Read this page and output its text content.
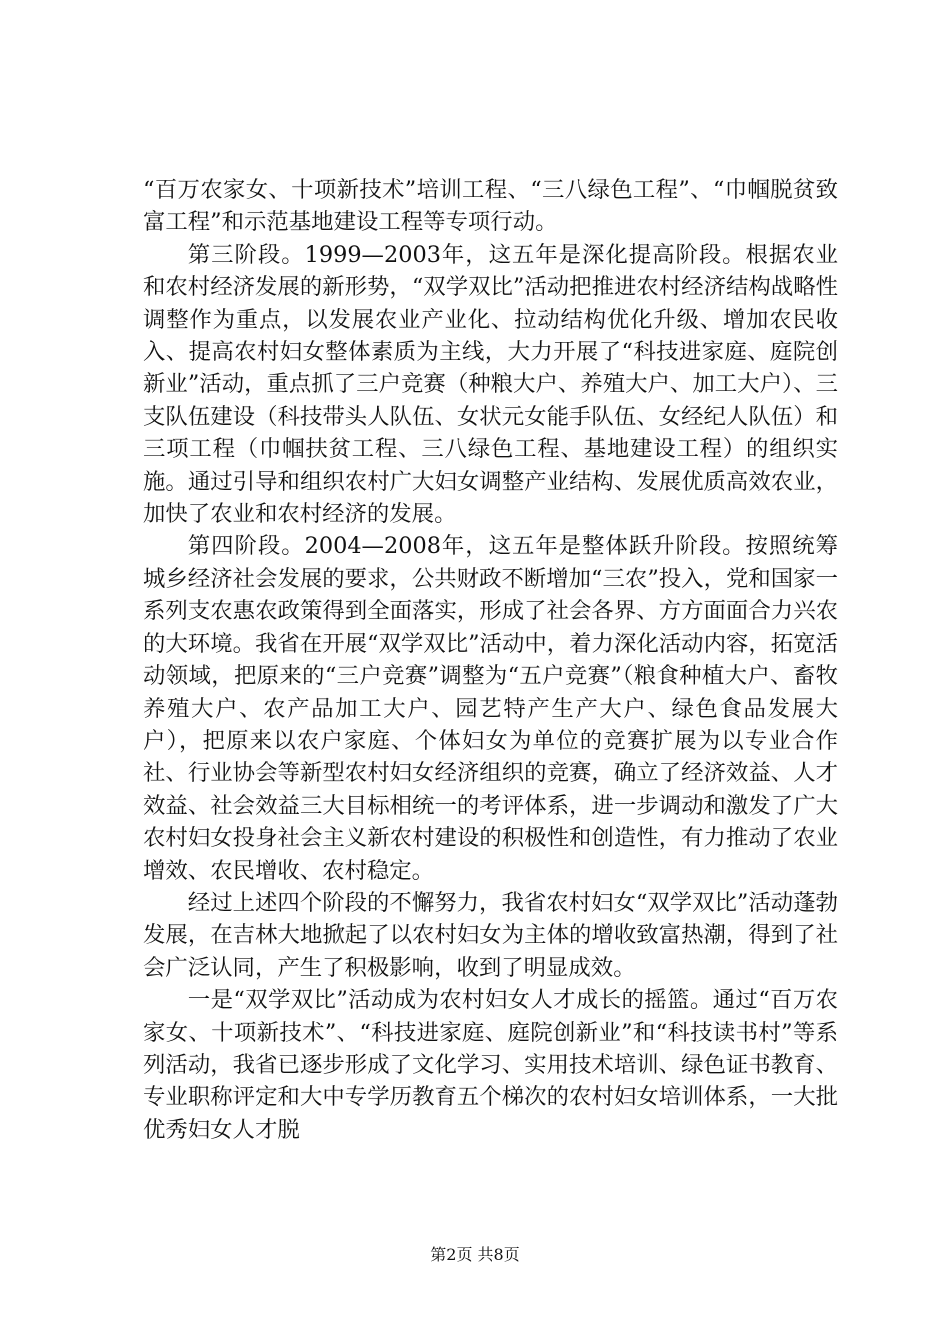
“百万农家女、十项新技术”培训工程、“三八绿色工程”、“巾帼脱贫致富工程”和示范基地建设工程等专项行动。

第三阶段。1999—2003年，这五年是深化提高阶段。根据农业和农村经济发展的新形势，“双学双比”活动把推进农村经济结构战略性调整作为重点，以发展农业产业化、拉动结构优化升级、增加农民收入、提高农村妇女整体素质为主线，大力开展了“科技进家庭、庭院创新业”活动，重点抓了三户竞赛（种粮大户、养殖大户、加工大户）、三支队伍建设（科技带头人队伍、女状元女能手队伍、女经纪人队伍）和三项工程（巾帼扶贫工程、三八绿色工程、基地建设工程）的组织实施。通过引导和组织农村广大妇女调整产业结构、发展优质高效农业，加快了农业和农村经济的发展。

第四阶段。2004—2008年，这五年是整体跃升阶段。按照统筹城乡经济社会发展的要求，公共财政不断增加“三农”投入，党和国家一系列支农惠农政策得到全面落实，形成了社会各界、方方面面合力兴农的大环境。我省在开展“双学双比”活动中，着力深化活动内容，拓宽活动领域，把原来的“三户竞赛”调整为“五户竞赛”（粮食种植大户、畜牧养殖大户、农产品加工大户、园艺特产生产大户、绿色食品发展大户），把原来以农户家庭、个体妇女为单位的竞赛扩展为以专业合作社、行业协会等新型农村妇女经济组织的竞赛，确立了经济效益、人才效益、社会效益三大目标相统一的考评体系，进一步调动和激发了广大农村妇女投身社会主义新农村建设的积极性和创造性，有力推动了农业增效、农民增收、农村稳定。

经过上述四个阶段的不懈努力，我省农村妇女“双学双比”活动蓬勃发展，在吉林大地掀起了以农村妇女为主体的增收致富热潮，得到了社会广泛认同，产生了积极影响，收到了明显成效。

一是“双学双比”活动成为农村妇女人才成长的摇篮。通过“百万农家女、十项新技术”、“科技进家庭、庭院创新业”和“科技读书村”等系列活动，我省已逐步形成了文化学习、实用技术培训、绿色证书教育、专业职称评定和大中专学历教育五个梯次的农村妇女培训体系，一大批优秀妇女人才脱

第2页 共8页
